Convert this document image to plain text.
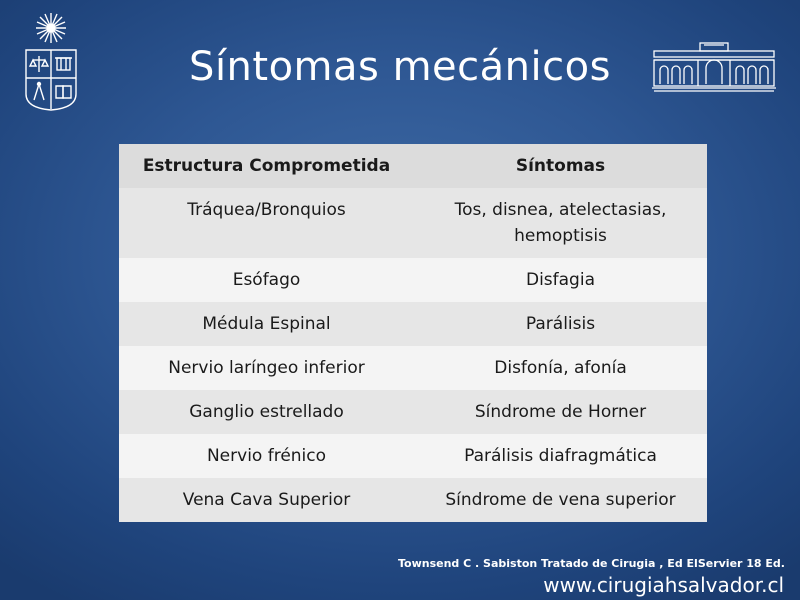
Síntomas mecánicos
Estructura Comprometida	Síntomas
Tráquea/Bronquios	Tos, disnea, atelectasias, hemoptisis
Esófago	Disfagia
Médula Espinal	Parálisis
Nervio laríngeo inferior	Disfonía, afonía
Ganglio estrellado	Síndrome de Horner
Nervio frénico	Parálisis diafragmática
Vena Cava Superior	Síndrome de vena superior
Townsend C . Sabiston Tratado de Cirugia , Ed ElServier 18 Ed.
www.cirugiahsalvador.cl
